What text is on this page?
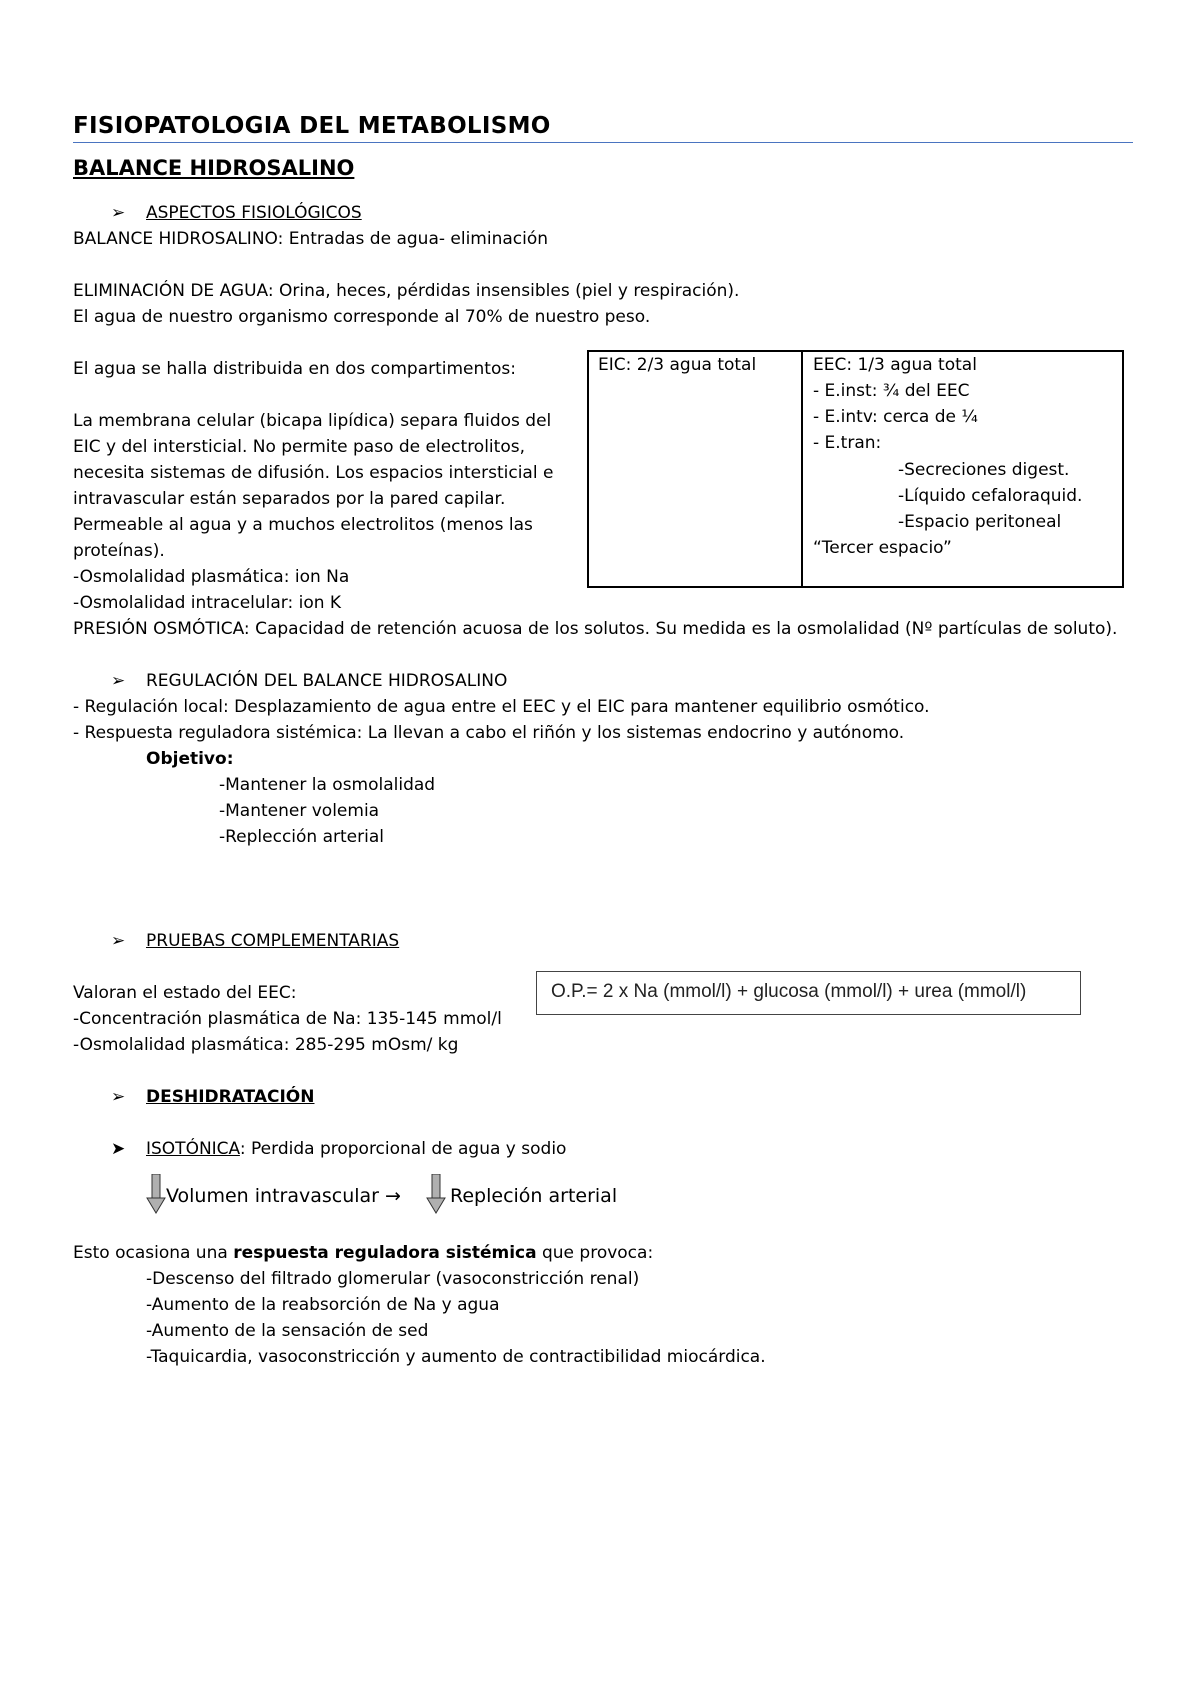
FISIOPATOLOGIA DEL METABOLISMO
BALANCE HIDROSALINO
➢ ASPECTOS FISIOLÓGICOS
BALANCE HIDROSALINO: Entradas de agua- eliminación
ELIMINACIÓN DE AGUA: Orina, heces, pérdidas insensibles (piel y respiración).
El agua de nuestro organismo corresponde al 70% de nuestro peso.
El agua se halla distribuida en dos compartimentos:
La membrana celular (bicapa lipídica) separa fluidos del
EIC y del intersticial. No permite paso de electrolitos,
necesita sistemas de difusión. Los espacios intersticial e
intravascular están separados por la pared capilar.
Permeable al agua y a muchos electrolitos (menos las
proteínas).
-Osmolalidad plasmática: ion Na
-Osmolalidad intracelular: ion K
PRESIÓN OSMÓTICA: Capacidad de retención acuosa de los solutos. Su medida es la osmolalidad (Nº partículas de soluto).
EIC: 2/3 agua total	EEC: 1/3 agua total
- E.inst: ¾ del EEC
- E.intv: cerca de ¼
- E.tran:
-Secreciones digest.
-Líquido cefaloraquid.
-Espacio peritoneal
“Tercer espacio”
➢ REGULACIÓN DEL BALANCE HIDROSALINO
- Regulación local: Desplazamiento de agua entre el EEC y el EIC para mantener equilibrio osmótico.
- Respuesta reguladora sistémica: La llevan a cabo el riñón y los sistemas endocrino y autónomo.
Objetivo:
-Mantener la osmolalidad
-Mantener volemia
-Replección arterial
➢ PRUEBAS COMPLEMENTARIAS
Valoran el estado del EEC:
-Concentración plasmática de Na: 135-145 mmol/l
-Osmolalidad plasmática: 285-295 mOsm/ kg
O.P.= 2 x Na (mmol/l) + glucosa (mmol/l) + urea (mmol/l)
➢ DESHIDRATACIÓN
➤ ISOTÓNICA: Perdida proporcional de agua y sodio
Volumen intravascular →	Repleción arterial
Esto ocasiona una respuesta reguladora sistémica que provoca:
-Descenso del filtrado glomerular (vasoconstricción renal)
-Aumento de la reabsorción de Na y agua
-Aumento de la sensación de sed
-Taquicardia, vasoconstricción y aumento de contractibilidad miocárdica.
